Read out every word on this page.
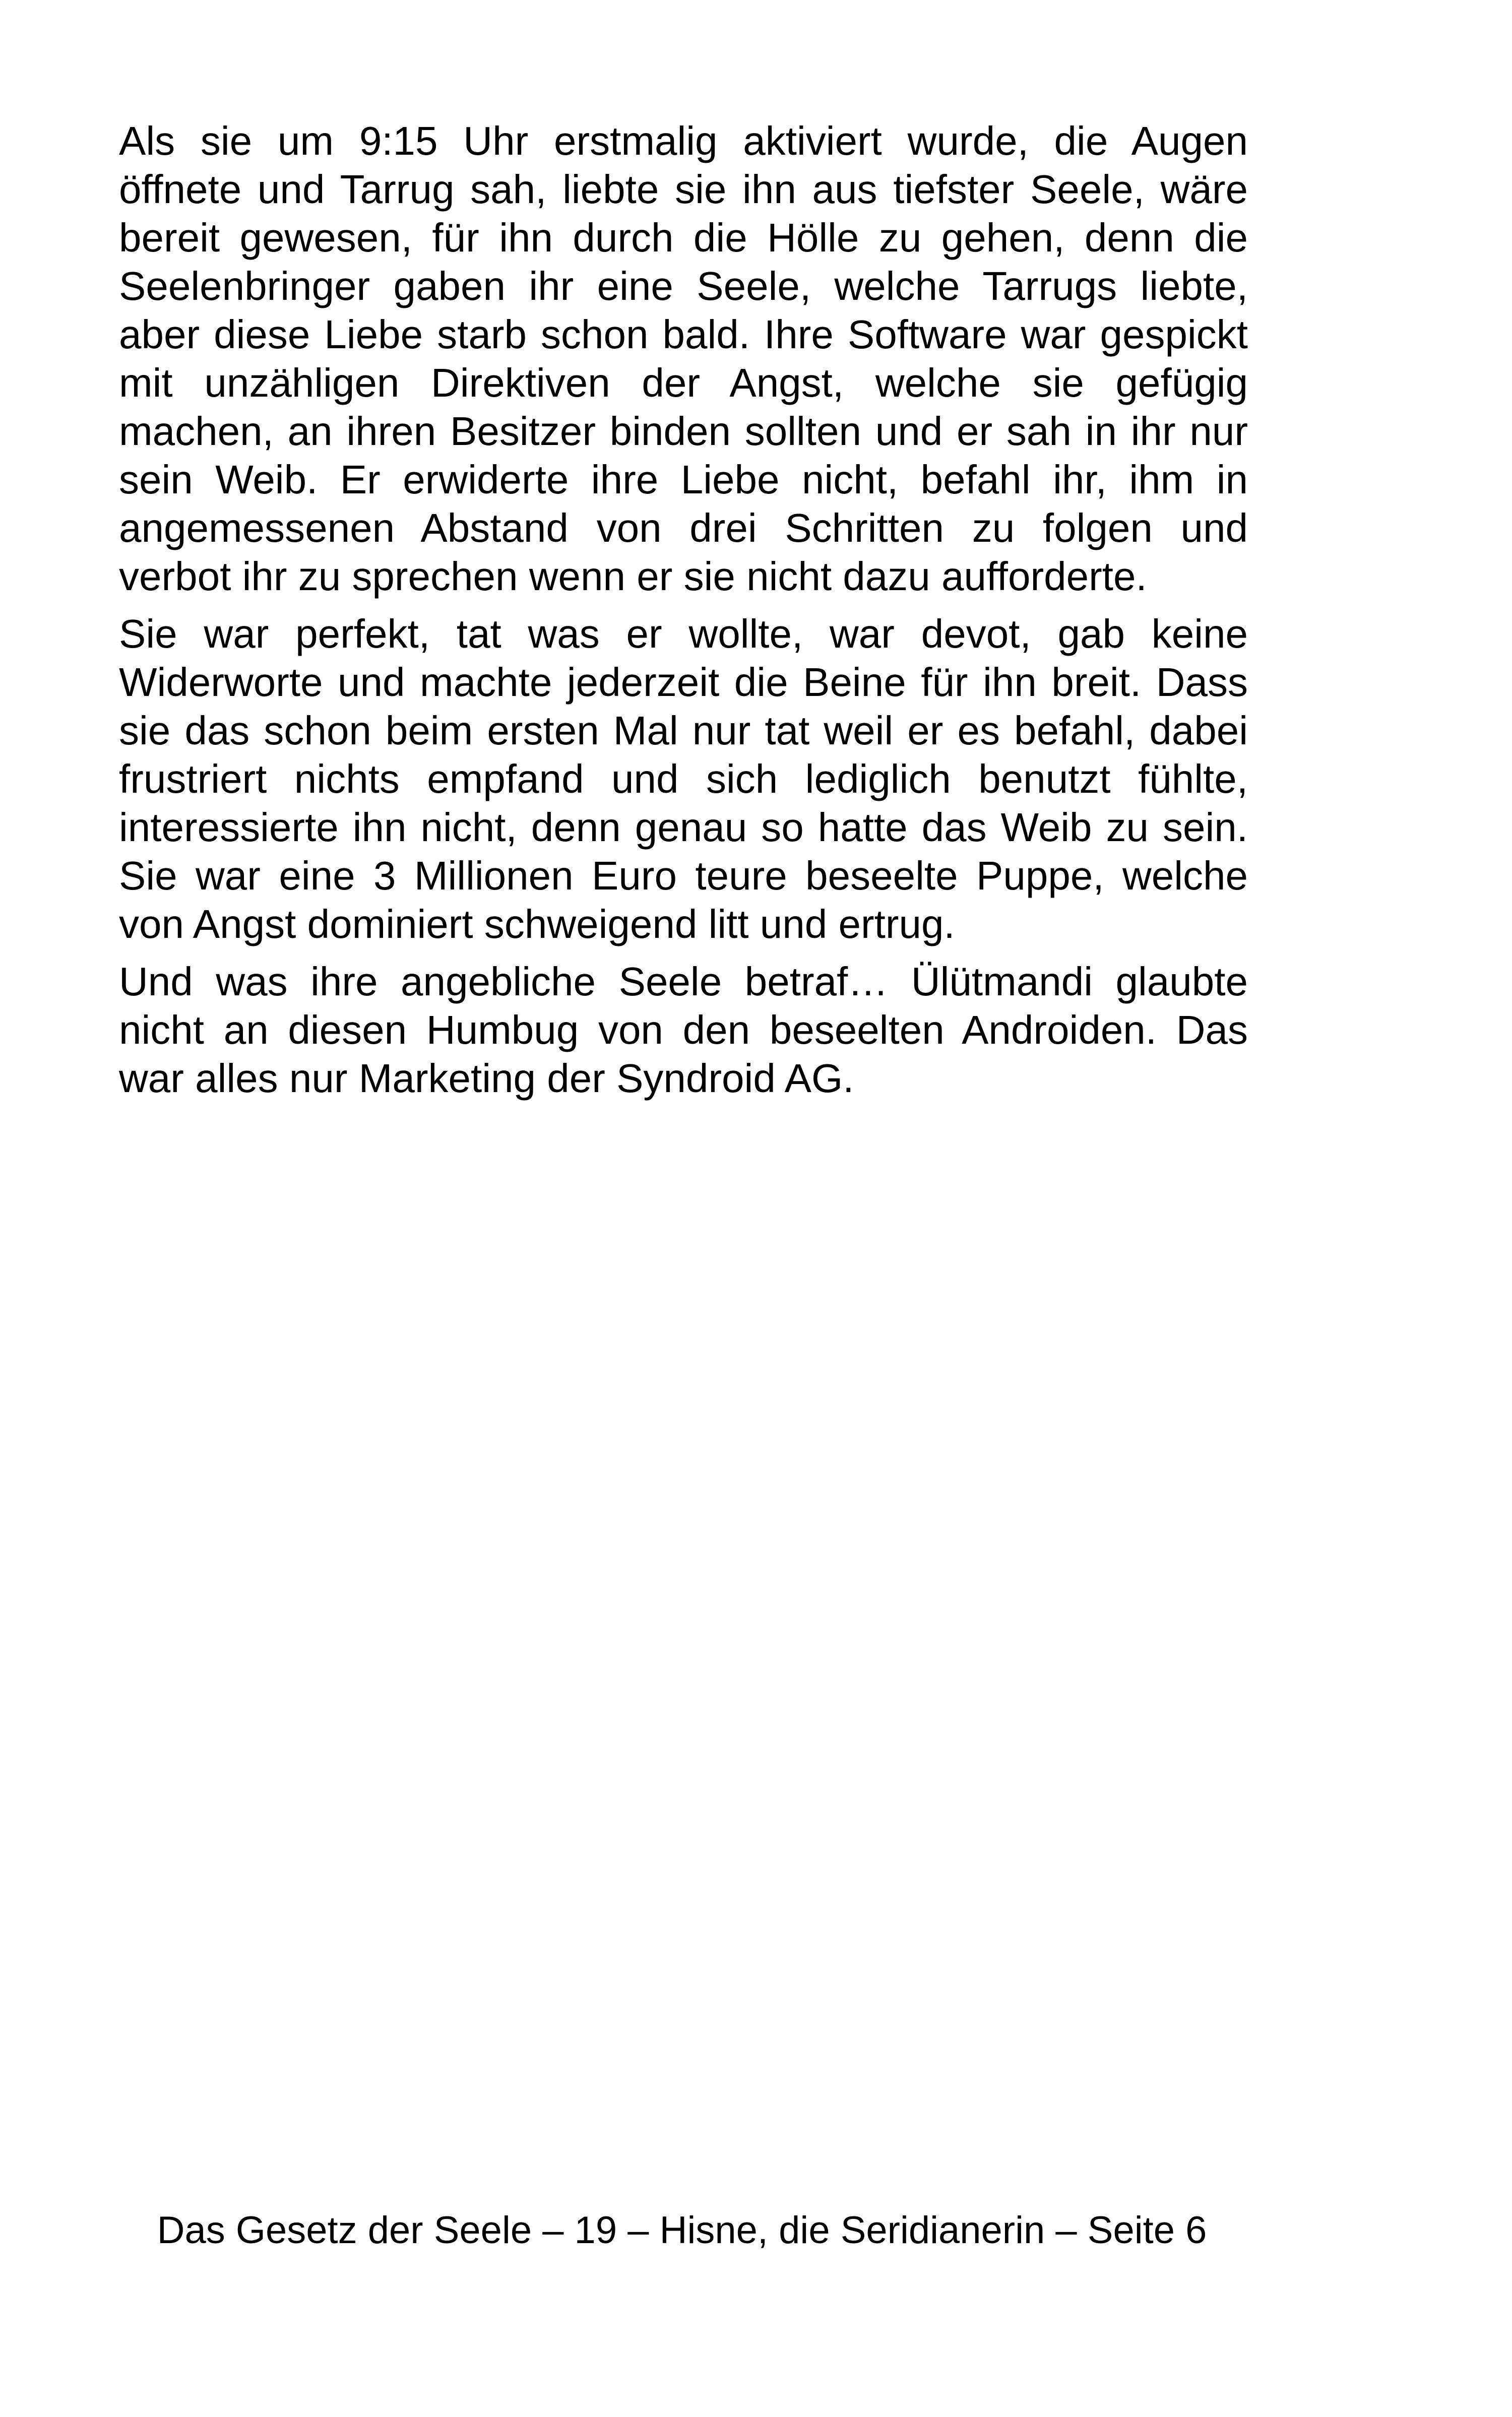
Als sie um 9:15 Uhr erstmalig aktiviert wurde, die Augen öffnete und Tarrug sah, liebte sie ihn aus tiefster Seele, wäre bereit gewesen, für ihn durch die Hölle zu gehen, denn die Seelenbringer gaben ihr eine Seele, welche Tarrugs liebte, aber diese Liebe starb schon bald. Ihre Software war gespickt mit unzähligen Direktiven der Angst, welche sie gefügig machen, an ihren Besitzer binden sollten und er sah in ihr nur sein Weib. Er erwiderte ihre Liebe nicht, befahl ihr, ihm in angemessenen Abstand von drei Schritten zu folgen und verbot ihr zu sprechen wenn er sie nicht dazu aufforderte.

Sie war perfekt, tat was er wollte, war devot, gab keine Widerworte und machte jederzeit die Beine für ihn breit. Dass sie das schon beim ersten Mal nur tat weil er es befahl, dabei frustriert nichts empfand und sich lediglich benutzt fühlte, interessierte ihn nicht, denn genau so hatte das Weib zu sein. Sie war eine 3 Millionen Euro teure beseelte Puppe, welche von Angst dominiert schweigend litt und ertrug.

Und was ihre angebliche Seele betraf… Ülütmandi glaubte nicht an diesen Humbug von den beseelten Androiden. Das war alles nur Marketing der Syndroid AG.

Das Gesetz der Seele – 19 – Hisne, die Seridianerin – Seite 6
